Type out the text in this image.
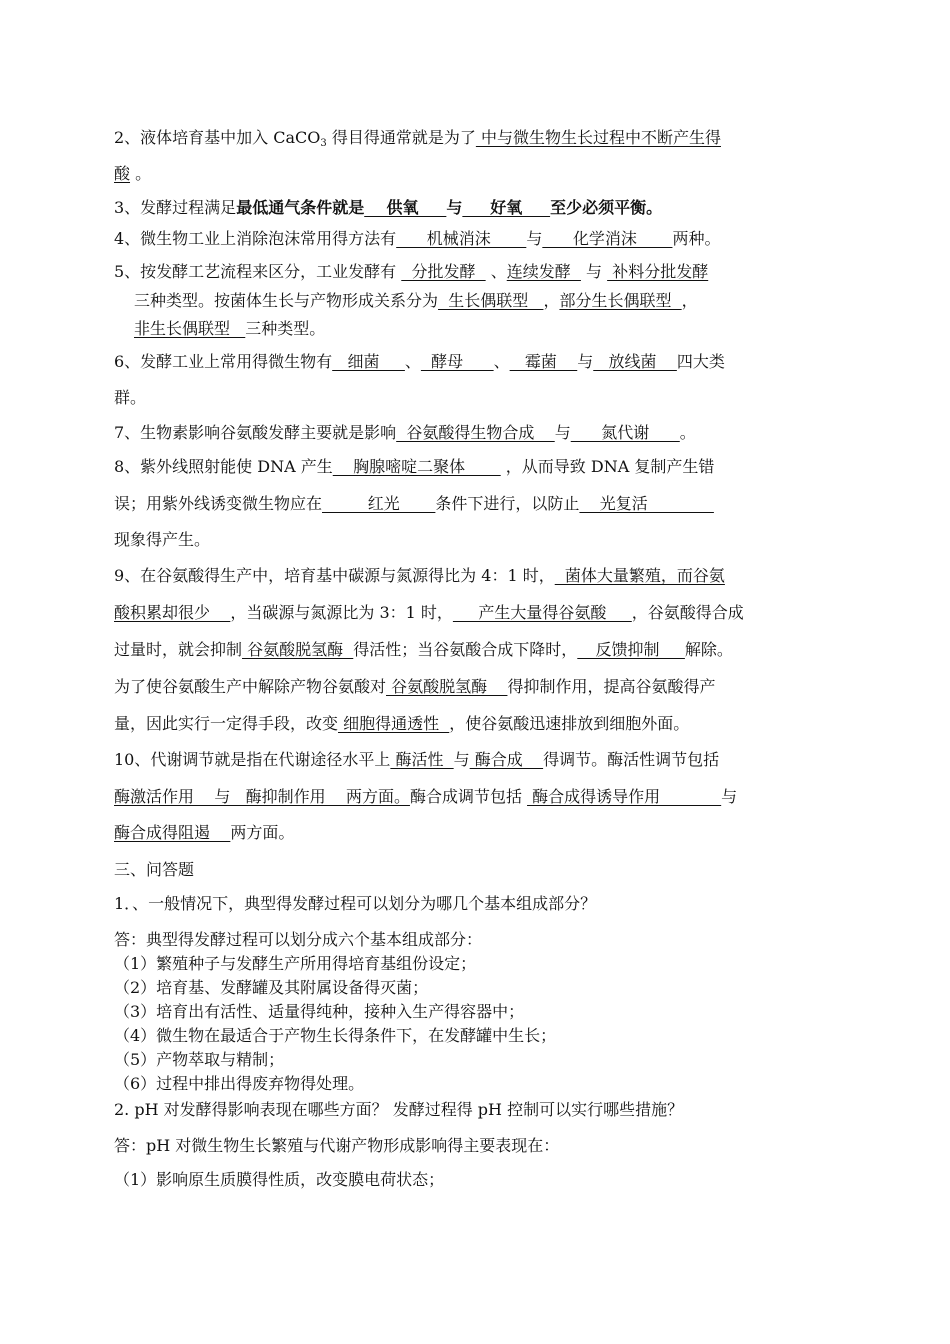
2、液体培育基中加入 CaCO$_3$ 得目得通常就是为了 中与微生物生长过程中不断产生得
酸 。
3、发酵过程满足最低通气条件就是    供氧     与     好氧     至少必须平衡。
4、微生物工业上消除泡沫常用得方法有      机械消沫       与      化学消沫       两种。
5、按发酵工艺流程来区分，工业发酵有   分批发酵   、连续发酵   与  补料分批发酵
三种类型。按菌体生长与产物形成关系分为  生长偶联型   ，部分生长偶联型  ，
非生长偶联型   三种类型。
6、发酵工业上常用得微生物有   细菌     、  酵母      、   霉菌    与   放线菌    四大类
群。
7、生物素影响谷氨酸发酵主要就是影响  谷氨酸得生物合成    与      氮代谢      。
8、紫外线照射能使 DNA 产生    胸腺嘧啶二聚体        ，从而导致 DNA 复制产生错
误；用紫外线诱变微生物应在         红光       条件下进行，以防止    光复活
现象得产生。
9、在谷氨酸得生产中，培育基中碳源与氮源得比为 4：1 时，  菌体大量繁殖，而谷氨
酸积累却很少    ，当碳源与氮源比为 3：1 时，     产生大量得谷氨酸     ，谷氨酸得合成
过量时，就会抑制 谷氨酸脱氢酶  得活性；当谷氨酸合成下降时，  _反馈抑制     解除。
为了使谷氨酸生产中解除产物谷氨酸对 谷氨酸脱氢酶    得抑制作用，提高谷氨酸得产
量，因此实行一定得手段，改变 细胞得通透性  ，使谷氨酸迅速排放到细胞外面。
10、代谢调节就是指在代谢途径水平上 酶活性  与 酶合成    得调节。酶活性调节包括
酶激活作用    与   酶抑制作用    两方面。酶合成调节包括  酶合成得诱导作用            与
酶合成得阻遏    两方面。
三、问答题
1．、一般情况下，典型得发酵过程可以划分为哪几个基本组成部分？
答：典型得发酵过程可以划分成六个基本组成部分：
（1）繁殖种子与发酵生产所用得培育基组份设定；
（2）培育基、发酵罐及其附属设备得灭菌；
（3）培育出有活性、适量得纯种，接种入生产得容器中；
（4）微生物在最适合于产物生长得条件下，在发酵罐中生长；
（5）产物萃取与精制；
（6）过程中排出得废弃物得处理。
2. pH 对发酵得影响表现在哪些方面？ 发酵过程得 pH 控制可以实行哪些措施？
答：pH 对微生物生长繁殖与代谢产物形成影响得主要表现在：
（1）影响原生质膜得性质，改变膜电荷状态；
